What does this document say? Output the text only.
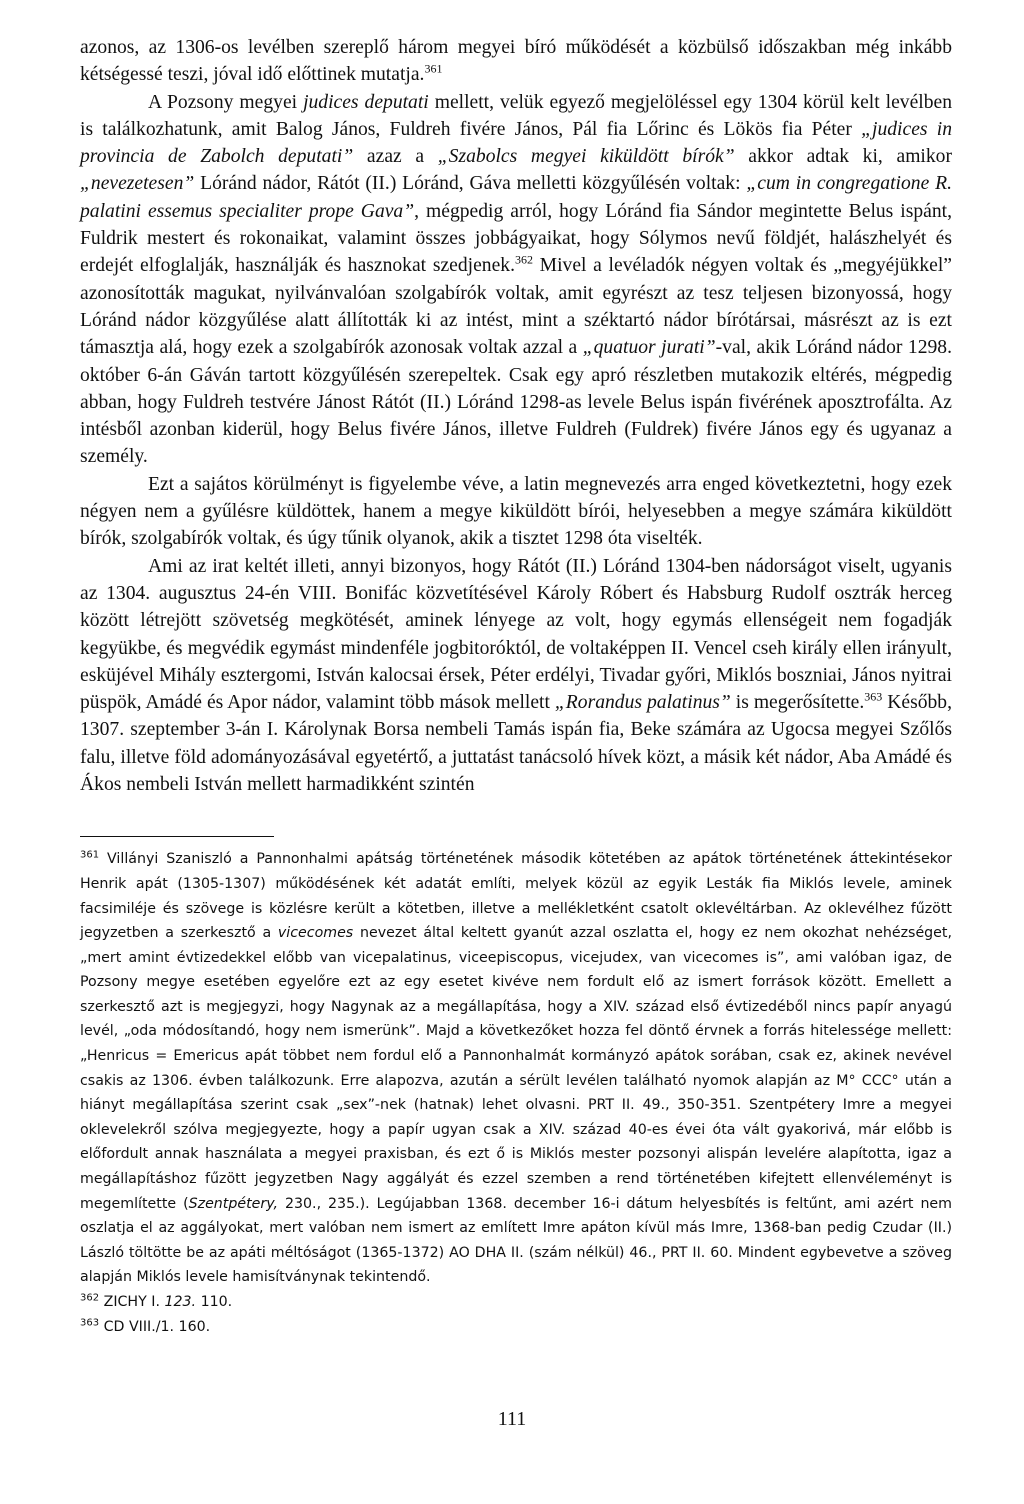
azonos, az 1306-os levélben szereplő három megyei bíró működését a közbülső időszakban még inkább kétségessé teszi, jóval idő előttinek mutatja.$^{361}$

A Pozsony megyei judices deputati mellett, velük egyező megjelöléssel egy 1304 körül kelt levélben is találkozhatunk, amit Balog János, Fuldreh fivére János, Pál fia Lőrinc és Lökös fia Péter „judices in provincia de Zabolch deputati” azaz a „Szabolcs megyei kiküldött bírók” akkor adtak ki, amikor „nevezetesen” Lóránd nádor, Rátót (II.) Lóránd, Gáva melletti közgyűlésén voltak: „cum in congregatione R. palatini essemus specialiter prope Gava”, mégpedig arról, hogy Lóránd fia Sándor megintette Belus ispánt, Fuldrik mestert és rokonaikat, valamint összes jobbágyaikat, hogy Sólymos nevű földjét, halászhelyét és erdejét elfoglalják, használják és hasznokat szedjenek.$^{362}$ Mivel a levéladók négyen voltak és „megyéjükkel” azonosították magukat, nyilvánvalóan szolgabírók voltak, amit egyrészt az tesz teljesen bizonyossá, hogy Lóránd nádor közgyűlése alatt állították ki az intést, mint a széktartó nádor bírótársai, másrészt az is ezt támasztja alá, hogy ezek a szolgabírók azonosak voltak azzal a „quatuor jurati”-val, akik Lóránd nádor 1298. október 6-án Gáván tartott közgyűlésén szerepeltek. Csak egy apró részletben mutakozik eltérés, mégpedig abban, hogy Fuldreh testvére Jánost Rátót (II.) Lóránd 1298-as levele Belus ispán fivérének aposztrofálta. Az intésből azonban kiderül, hogy Belus fivére János, illetve Fuldreh (Fuldrek) fivére János egy és ugyanaz a személy.

Ezt a sajátos körülményt is figyelembe véve, a latin megnevezés arra enged következtetni, hogy ezek négyen nem a gyűlésre küldöttek, hanem a megye kiküldött bírói, helyesebben a megye számára kiküldött bírók, szolgabírók voltak, és úgy tűnik olyanok, akik a tisztet 1298 óta viselték.

Ami az irat keltét illeti, annyi bizonyos, hogy Rátót (II.) Lóránd 1304-ben nádorságot viselt, ugyanis az 1304. augusztus 24-én VIII. Bonifác közvetítésével Károly Róbert és Habsburg Rudolf osztrák herceg között létrejött szövetség megkötését, aminek lényege az volt, hogy egymás ellenségeit nem fogadják kegyükbe, és megvédik egymást mindenféle jogbitoróktól, de voltaképpen II. Vencel cseh király ellen irányult, esküjével Mihály esztergomi, István kalocsai érsek, Péter erdélyi, Tivadar győri, Miklós boszniai, János nyitrai püspök, Amádé és Apor nádor, valamint több mások mellett „Rorandus palatinus” is megerősítette.$^{363}$ Később, 1307. szeptember 3-án I. Károlynak Borsa nembeli Tamás ispán fia, Beke számára az Ugocsa megyei Szőlős falu, illetve föld adományozásával egyetértő, a juttatást tanácsoló hívek közt, a másik két nádor, Aba Amádé és Ákos nembeli István mellett harmadikként szintén

$^{361}$ Villányi Szaniszló a Pannonhalmi apátság történetének második kötetében az apátok történetének áttekintésekor Henrik apát (1305-1307) működésének két adatát említi, melyek közül az egyik Lesták fia Miklós levele, aminek facsimiléje és szövege is közlésre került a kötetben, illetve a mellékletként csatolt oklevéltárban. Az oklevélhez fűzött jegyzetben a szerkesztő a vicecomes nevezet által keltett gyanút azzal oszlatta el, hogy ez nem okozhat nehézséget, „mert amint évtizedekkel előbb van vicepalatinus, viceepiscopus, vicejudex, van vicecomes is”, ami valóban igaz, de Pozsony megye esetében egyelőre ezt az egy esetet kivéve nem fordult elő az ismert források között. Emellett a szerkesztő azt is megjegyzi, hogy Nagynak az a megállapítása, hogy a XIV. század első évtizedéből nincs papír anyagú levél, „oda módosítandó, hogy nem ismerünk”. Majd a következőket hozza fel döntő érvnek a forrás hitelessége mellett: „Henricus = Emericus apát többet nem fordul elő a Pannonhalmát kormányzó apátok sorában, csak ez, akinek nevével csakis az 1306. évben találkozunk. Erre alapozva, azután a sérült levélen található nyomok alapján az M° CCC° után a hiányt megállapítása szerint csak „sex”-nek (hatnak) lehet olvasni. PRT II. 49., 350-351. Szentpétery Imre a megyei oklevelekről szólva megjegyezte, hogy a papír ugyan csak a XIV. század 40-es évei óta vált gyakorivá, már előbb is előfordult annak használata a megyei praxisban, és ezt ő is Miklós mester pozsonyi alispán levelére alapította, igaz a megállapításhoz fűzött jegyzetben Nagy aggályát és ezzel szemben a rend történetében kifejtett ellenvéleményt is megemlítette (Szentpétery, 230., 235.). Legújabban 1368. december 16-i dátum helyesbítés is feltűnt, ami azért nem oszlatja el az aggályokat, mert valóban nem ismert az említett Imre apáton kívül más Imre, 1368-ban pedig Czudar (II.) László töltötte be az apáti méltóságot (1365-1372) AO DHA II. (szám nélkül) 46., PRT II. 60. Mindent egybevetve a szöveg alapján Miklós levele hamisítványnak tekintendő.

$^{362}$ ZICHY I. 123. 110.

$^{363}$ CD VIII./1. 160.

111
